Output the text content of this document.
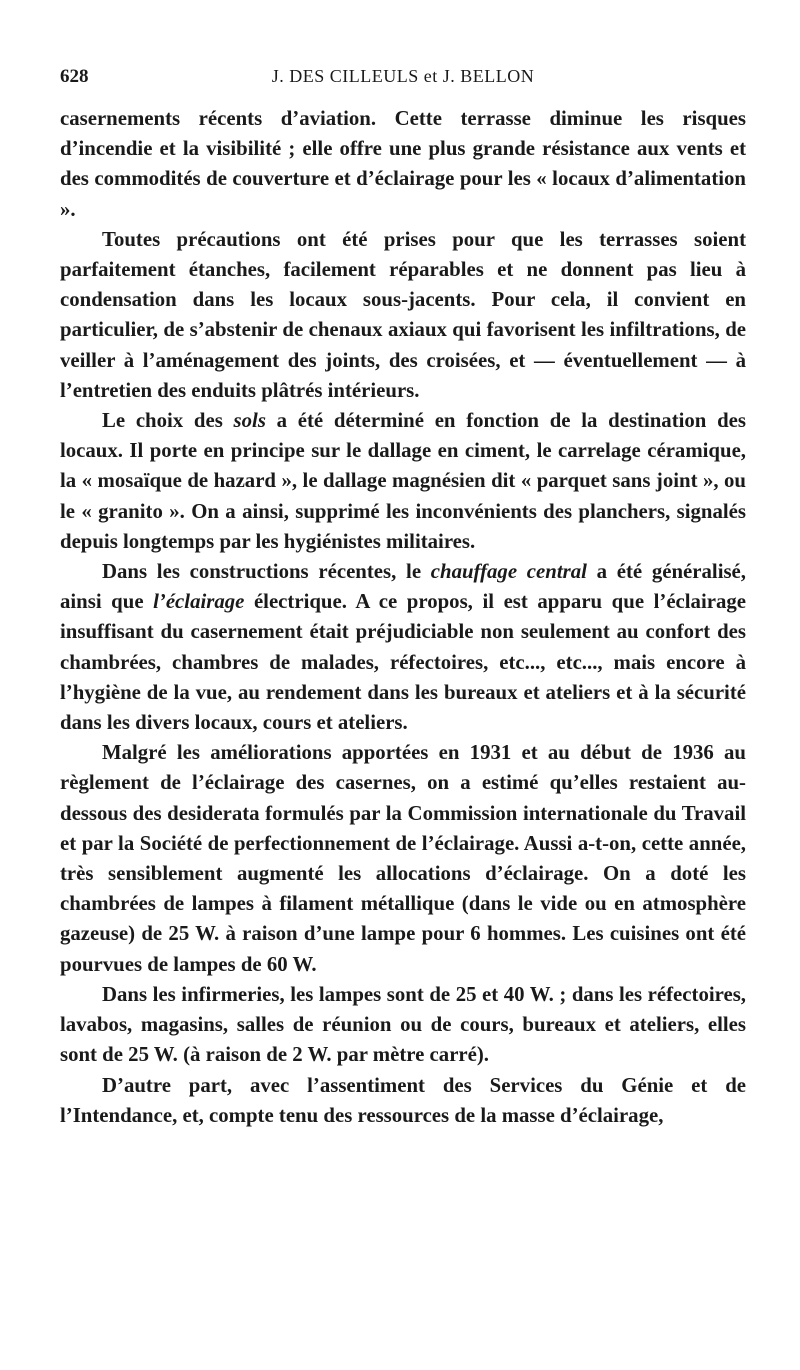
628	J. DES CILLEULS et J. BELLON

casernements récents d’aviation. Cette terrasse diminue les risques d’incendie et la visibilité ; elle offre une plus grande résistance aux vents et des commodités de couverture et d’éclairage pour les « locaux d’alimentation ».

Toutes précautions ont été prises pour que les terrasses soient parfaitement étanches, facilement réparables et ne donnent pas lieu à condensation dans les locaux sous-jacents. Pour cela, il convient en particulier, de s’abstenir de chenaux axiaux qui favorisent les infiltrations, de veiller à l’aménagement des joints, des croisées, et — éventuellement — à l’entretien des enduits plâtrés intérieurs.

Le choix des sols a été déterminé en fonction de la destination des locaux. Il porte en principe sur le dallage en ciment, le carrelage céramique, la « mosaïque de hazard », le dallage magnésien dit « parquet sans joint », ou le « granito ». On a ainsi, supprimé les inconvénients des planchers, signalés depuis longtemps par les hygiénistes militaires.

Dans les constructions récentes, le chauffage central a été généralisé, ainsi que l’éclairage électrique. A ce propos, il est apparu que l’éclairage insuffisant du casernement était préjudiciable non seulement au confort des chambrées, chambres de malades, réfectoires, etc..., etc..., mais encore à l’hygiène de la vue, au rendement dans les bureaux et ateliers et à la sécurité dans les divers locaux, cours et ateliers.

Malgré les améliorations apportées en 1931 et au début de 1936 au règlement de l’éclairage des casernes, on a estimé qu’elles restaient au-dessous des desiderata formulés par la Commission internationale du Travail et par la Société de perfectionnement de l’éclairage. Aussi a-t-on, cette année, très sensiblement augmenté les allocations d’éclairage. On a doté les chambrées de lampes à filament métallique (dans le vide ou en atmosphère gazeuse) de 25 W. à raison d’une lampe pour 6 hommes. Les cuisines ont été pourvues de lampes de 60 W.

Dans les infirmeries, les lampes sont de 25 et 40 W. ; dans les réfectoires, lavabos, magasins, salles de réunion ou de cours, bureaux et ateliers, elles sont de 25 W. (à raison de 2 W. par mètre carré).

D’autre part, avec l’assentiment des Services du Génie et de l’Intendance, et, compte tenu des ressources de la masse d’éclairage,
